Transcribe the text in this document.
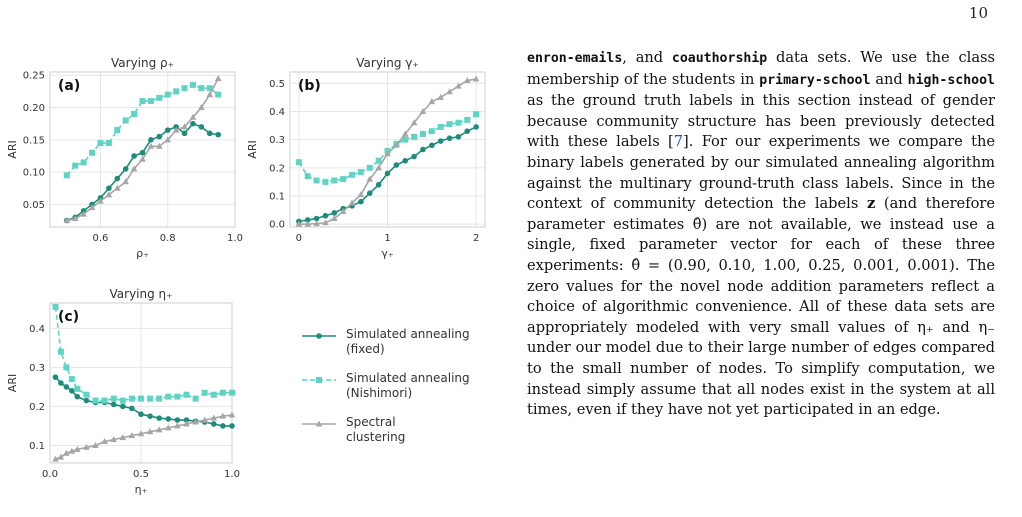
10
0.6	0.8	1.0
0.05
0.10
0.15
0.20
0.25
Varying ρ₊
ρ₊
ARI
(a)
0	1	2
0.0
0.1
0.2
0.3
0.4
0.5
Varying γ₊
γ₊
ARI
(b)
0.0	0.5	1.0
0.1
0.2
0.3
0.4
Varying η₊
η₊
ARI
(c)
Simulated annealing
(fixed)
Simulated annealing
(Nishimori)
Spectral
clustering

enron-emails, and coauthorship data sets. We use the class membership of the students in primary-school and high-school as the ground truth labels in this section instead of gender because community structure has been previously detected with these labels [7]. For our experiments we compare the binary labels generated by our simulated annealing algorithm against the multinary ground-truth class labels. Since in the context of community detection the labels z (and therefore parameter estimates θ̂) are not available, we instead use a single, fixed parameter vector for each of these three experiments: θ̂ = (0.90, 0.10, 1.00, 0.25, 0.001, 0.001). The zero values for the novel node addition parameters reflect a choice of algorithmic convenience. All of these data sets are appropriately modeled with very small values of η₊ and η₋ under our model due to their large number of edges compared to the small number of nodes. To simplify computation, we instead simply assume that all nodes exist in the system at all times, even if they have not yet participated in an edge.
